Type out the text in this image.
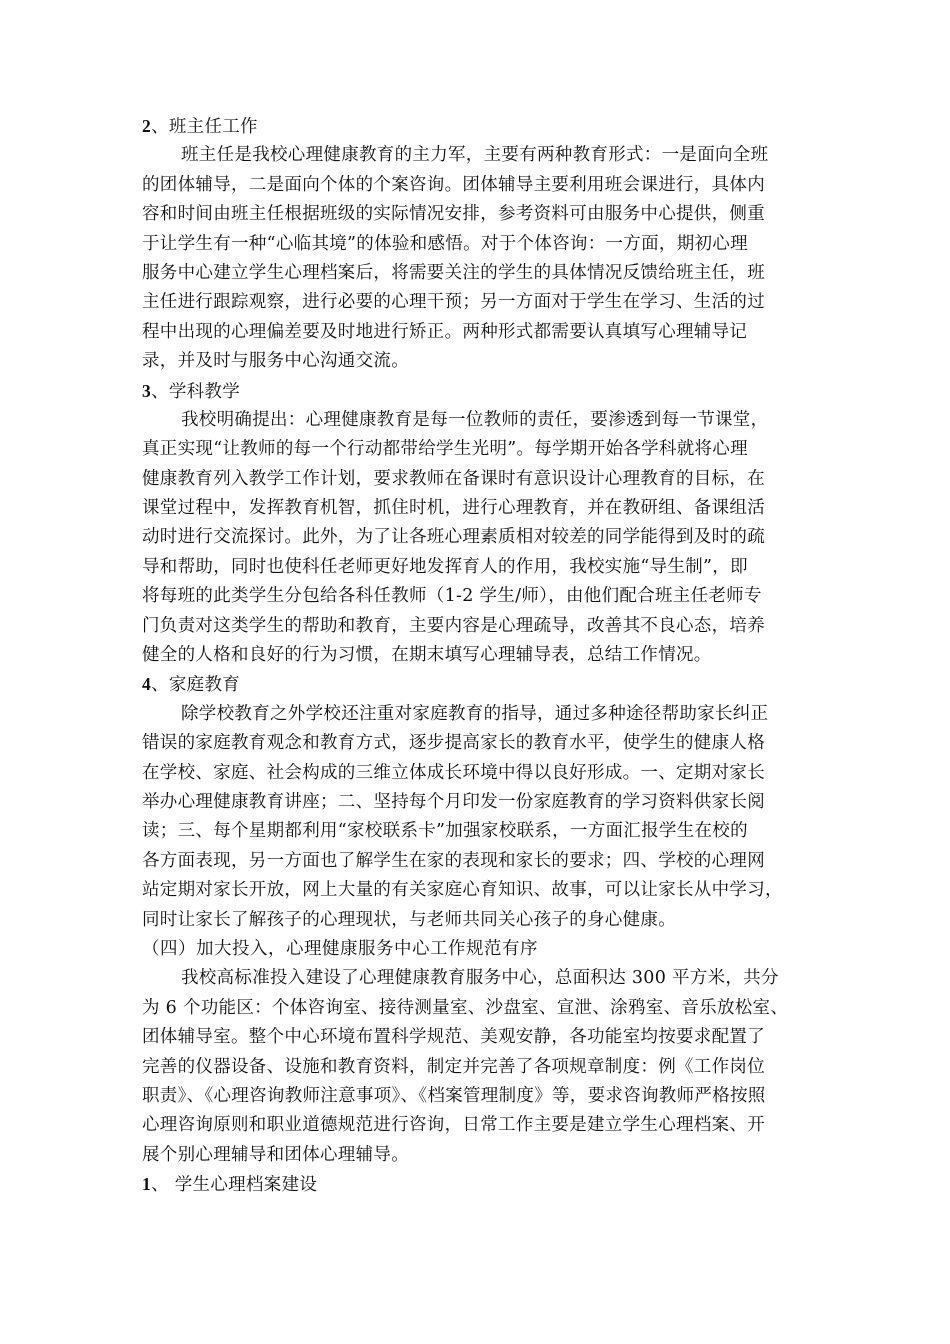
2、班主任工作
班主任是我校心理健康教育的主力军，主要有两种教育形式：一是面向全班
的团体辅导，二是面向个体的个案咨询。团体辅导主要利用班会课进行，具体内
容和时间由班主任根据班级的实际情况安排，参考资料可由服务中心提供，侧重
于让学生有一种“心临其境”的体验和感悟。对于个体咨询：一方面，期初心理
服务中心建立学生心理档案后，将需要关注的学生的具体情况反馈给班主任，班
主任进行跟踪观察，进行必要的心理干预；另一方面对于学生在学习、生活的过
程中出现的心理偏差要及时地进行矫正。两种形式都需要认真填写心理辅导记
录，并及时与服务中心沟通交流。
3、学科教学
我校明确提出：心理健康教育是每一位教师的责任，要渗透到每一节课堂，
真正实现“让教师的每一个行动都带给学生光明”。每学期开始各学科就将心理
健康教育列入教学工作计划，要求教师在备课时有意识设计心理教育的目标，在
课堂过程中，发挥教育机智，抓住时机，进行心理教育，并在教研组、备课组活
动时进行交流探讨。此外，为了让各班心理素质相对较差的同学能得到及时的疏
导和帮助，同时也使科任老师更好地发挥育人的作用，我校实施“导生制”，即
将每班的此类学生分包给各科任教师（1-2 学生/师），由他们配合班主任老师专
门负责对这类学生的帮助和教育，主要内容是心理疏导，改善其不良心态，培养
健全的人格和良好的行为习惯，在期末填写心理辅导表，总结工作情况。
4、家庭教育
除学校教育之外学校还注重对家庭教育的指导，通过多种途径帮助家长纠正
错误的家庭教育观念和教育方式，逐步提高家长的教育水平，使学生的健康人格
在学校、家庭、社会构成的三维立体成长环境中得以良好形成。一、定期对家长
举办心理健康教育讲座；二、坚持每个月印发一份家庭教育的学习资料供家长阅
读；三、每个星期都利用“家校联系卡”加强家校联系，一方面汇报学生在校的
各方面表现，另一方面也了解学生在家的表现和家长的要求；四、学校的心理网
站定期对家长开放，网上大量的有关家庭心育知识、故事，可以让家长从中学习，
同时让家长了解孩子的心理现状，与老师共同关心孩子的身心健康。
（四）加大投入，心理健康服务中心工作规范有序
我校高标准投入建设了心理健康教育服务中心，总面积达 300 平方米，共分
为 6 个功能区：个体咨询室、接待测量室、沙盘室、宣泄、涂鸦室、音乐放松室、
团体辅导室。整个中心环境布置科学规范、美观安静，各功能室均按要求配置了
完善的仪器设备、设施和教育资料，制定并完善了各项规章制度：例《工作岗位
职责》、《心理咨询教师注意事项》、《档案管理制度》等，要求咨询教师严格按照
心理咨询原则和职业道德规范进行咨询，日常工作主要是建立学生心理档案、开
展个别心理辅导和团体心理辅导。
1、 学生心理档案建设
